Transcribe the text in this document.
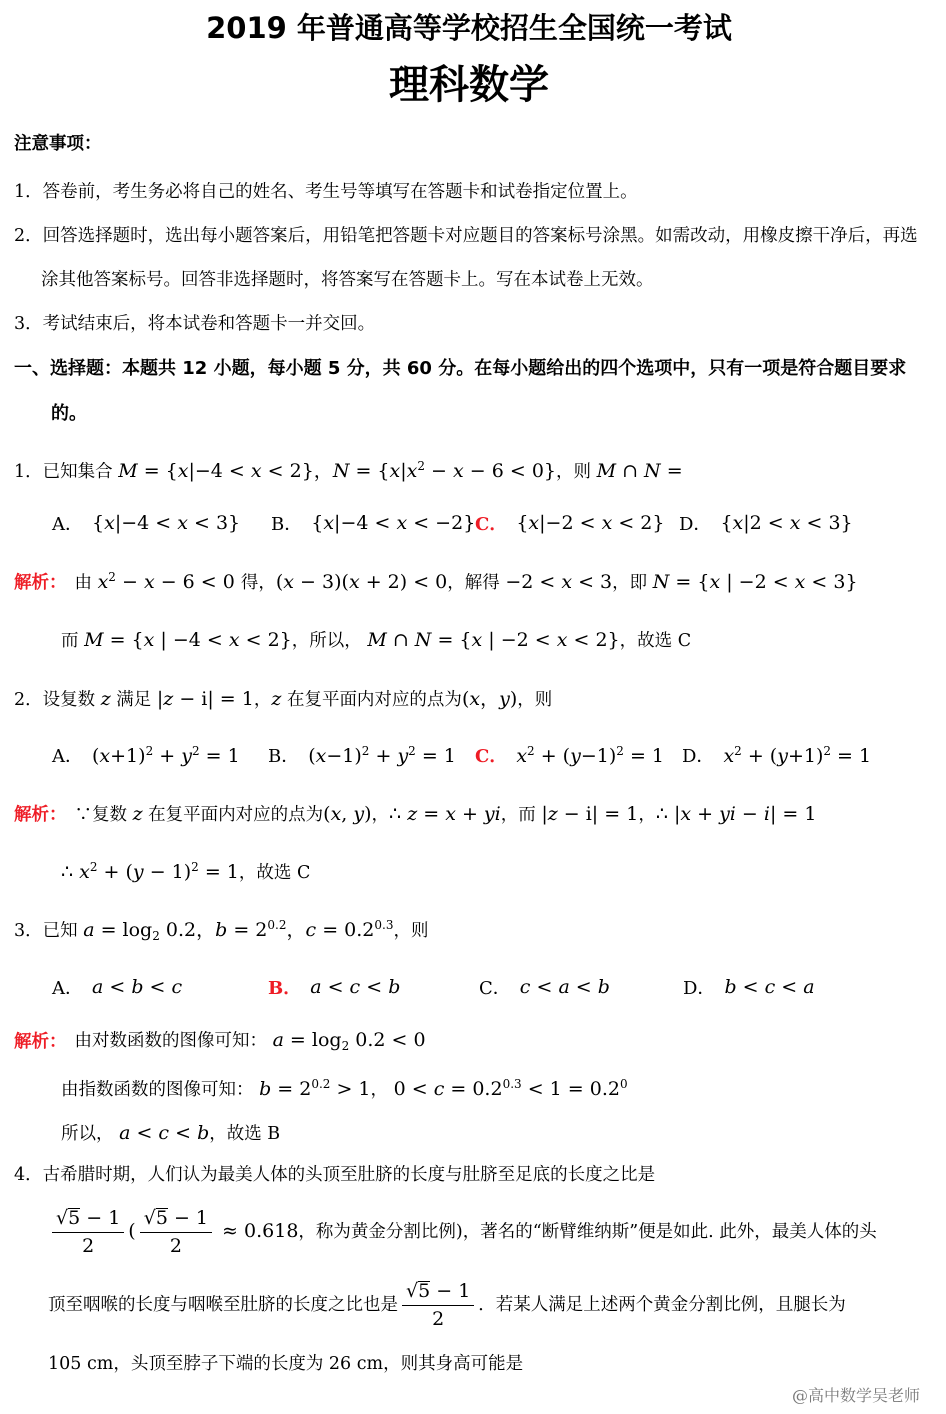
2019 年普通高等学校招生全国统一考试
理科数学
注意事项：
1．答卷前，考生务必将自己的姓名、考生号等填写在答题卡和试卷指定位置上。
2．回答选择题时，选出每小题答案后，用铅笔把答题卡对应题目的答案标号涂黑。如需改动，用橡皮擦干净后，再选涂其他答案标号。回答非选择题时，将答案写在答题卡上。写在本试卷上无效。
3．考试结束后，将本试卷和答题卡一并交回。
一、选择题：本题共 12 小题，每小题 5 分，共 60 分。在每小题给出的四个选项中，只有一项是符合题目要求的。
1．已知集合 M = {x|−4 < x < 2}，$N = \{x|x^2 - x - 6 < 0\}$，则 M ∩ N =
A． {x|−4 < x < 3} B． {x|−4 < x < −2} C． {x|−2 < x < 2} D． {x|2 < x < 3}
解析： 由 $x^2 - x - 6 < 0$ 得，(x − 3)(x + 2) < 0，解得 −2 < x < 3，即 N = {x | −2 < x < 3}
而 M = {x | −4 < x < 2}，所以， M ∩ N = {x | −2 < x < 2}，故选 C
2．设复数 z 满足 |z − i| = 1，z 在复平面内对应的点为(x，y)，则
A． $(x+1)^2 + y^2 = 1$ B． $(x-1)^2 + y^2 = 1$ C． $x^2 + (y-1)^2 = 1$ D． $x^2 + (y+1)^2 = 1$
解析： ∵复数 z 在复平面内对应的点为(x, y)，∴ z = x + yi，而 |z − i| = 1，∴ |x + yi − i| = 1
∴ $x^2 + (y - 1)^2 = 1$，故选 C
3．已知 $a = \log_2 0.2$，$b = 2^{0.2}$，$c = 0.2^{0.3}$，则
A． a < b < c	B． a < c < b	C． c < a < b	D． b < c < a
解析： 由对数函数的图像可知： $a = \log_2 0.2 < 0$
由指数函数的图像可知： $b = 2^{0.2} > 1$， $0 < c = 0.2^{0.3} < 1 = 0.2^0$
所以， a < c < b，故选 B
4．古希腊时期，人们认为最美人体的头顶至肚脐的长度与肚脐至足底的长度之比是
$\frac{√5 - 1}{2}$ ( $\frac{√5 - 1}{2} \approx 0.618$，称为黄金分割比例)，著名的“断臂维纳斯”便是如此. 此外，最美人体的头
顶至咽喉的长度与咽喉至肚脐的长度之比也是 $\frac{√5 - 1}{2}$ ．若某人满足上述两个黄金分割比例，且腿长为
105 cm，头顶至脖子下端的长度为 26 cm，则其身高可能是
@高中数学吴老师
